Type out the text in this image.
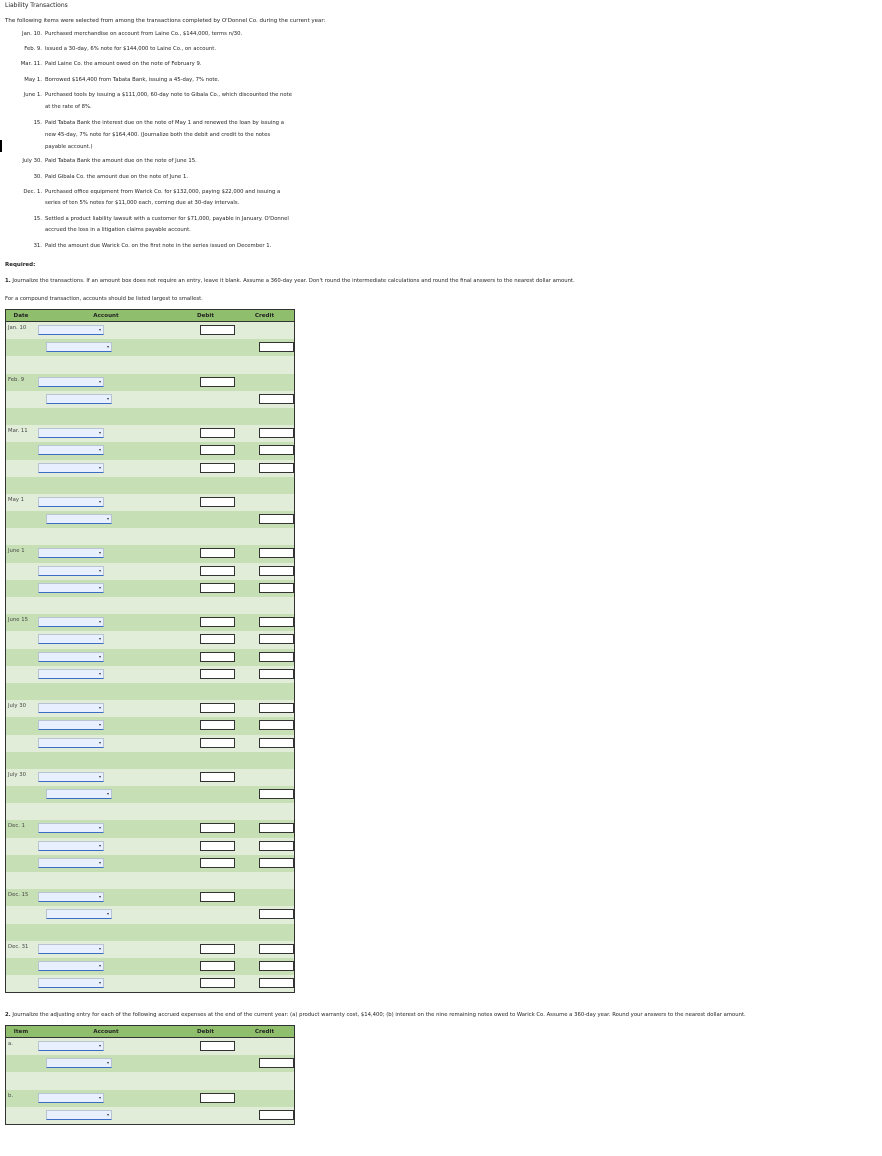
Liability Transactions
The following items were selected from among the transactions completed by O'Donnel Co. during the current year:
Jan. 10. Purchased merchandise on account from Laine Co., $144,000, terms n/30.
Feb. 9. Issued a 30-day, 6% note for $144,000 to Laine Co., on account.
Mar. 11. Paid Laine Co. the amount owed on the note of February 9.
May 1. Borrowed $164,400 from Tabata Bank, issuing a 45-day, 7% note.
June 1. Purchased tools by issuing a $111,000, 60-day note to Gibala Co., which discounted the note
at the rate of 8%.
15. Paid Tabata Bank the interest due on the note of May 1 and renewed the loan by issuing a
new 45-day, 7% note for $164,400. (Journalize both the debit and credit to the notes
payable account.)
July 30. Paid Tabata Bank the amount due on the note of June 15.
30. Paid Gibala Co. the amount due on the note of June 1.
Dec. 1. Purchased office equipment from Warick Co. for $132,000, paying $22,000 and issuing a
series of ten 5% notes for $11,000 each, coming due at 30-day intervals.
15. Settled a product liability lawsuit with a customer for $71,000, payable in January. O'Donnel
accrued the loss in a litigation claims payable account.
31. Paid the amount due Warick Co. on the first note in the series issued on December 1.
Required:
1. Journalize the transactions. If an amount box does not require an entry, leave it blank. Assume a 360-day year. Don't round the intermediate calculations and round the final answers to the nearest dollar amount.
For a compound transaction, accounts should be listed largest to smallest.
Date	Account	Debit	Credit

Jan. 10	▾		

	▾		

Feb. 9	▾		

	▾		

Mar. 11	▾		

	▾		

	▾		

May 1	▾		

	▾		

June 1	▾		

	▾		

	▾		

June 15	▾		

	▾		

	▾		

	▾		

July 30	▾		

	▾		

	▾		

July 30	▾		

	▾		

Dec. 1	▾		

	▾		

	▾		

Dec. 15	▾		

	▾		

Dec. 31	▾		

	▾		

	▾		

2. Journalize the adjusting entry for each of the following accrued expenses at the end of the current year: (a) product warranty cost, $14,400; (b) interest on the nine remaining notes owed to Warick Co. Assume a 360-day year. Round your answers to the nearest dollar amount.
Item	Account	Debit	Credit

a.	▾		

	▾		

b.	▾		

	▾		
